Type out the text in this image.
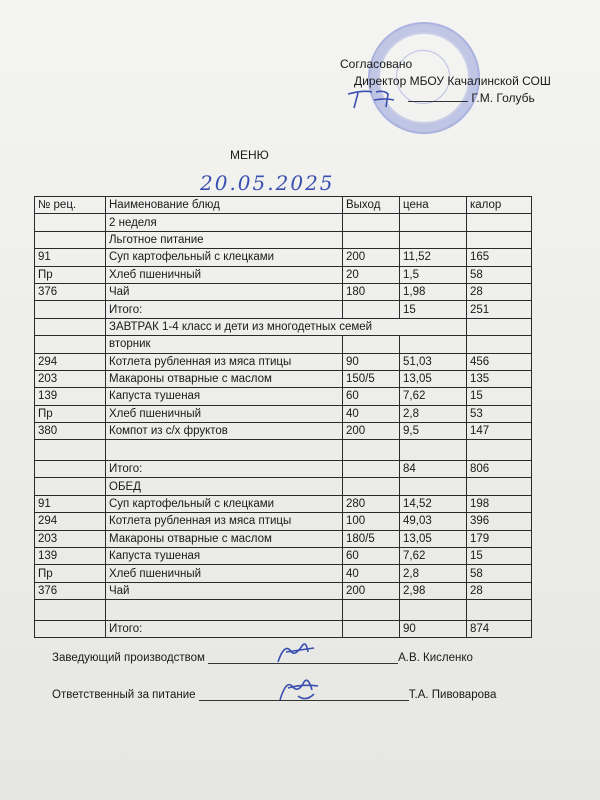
Согласовано
Директор МБОУ Качалинской СОШ
Г.М. Голубь
МЕНЮ
20.05.2025
№ рец.	Наименование блюд	Выход	цена	калор
	2 неделя			
	Льготное питание			
91	Суп картофельный с клецками	200	11,52	165
Пр	Хлеб пшеничный	20	1,5	58
376	Чай	180	1,98	28
	Итого:		15	251
	ЗАВТРАК 1-4 класс и дети из многодетных семей			
	вторник			
294	Котлета рубленная из мяса птицы	90	51,03	456
203	Макароны отварные с маслом	150/5	13,05	135
139	Капуста тушеная	60	7,62	15
Пр	Хлеб пшеничный	40	2,8	53
380	Компот из с/х фруктов	200	9,5	147

	Итого:		84	806
	ОБЕД			
91	Суп картофельный с клецками	280	14,52	198
294	Котлета рубленная из мяса птицы	100	49,03	396
203	Макароны отварные с маслом	180/5	13,05	179
139	Капуста тушеная	60	7,62	15
Пр	Хлеб пшеничный	40	2,8	58
376	Чай	200	2,98	28

	Итого:		90	874
Заведующий производством	А.В. Кисленко
Ответственный за питание	Т.А. Пивоварова
